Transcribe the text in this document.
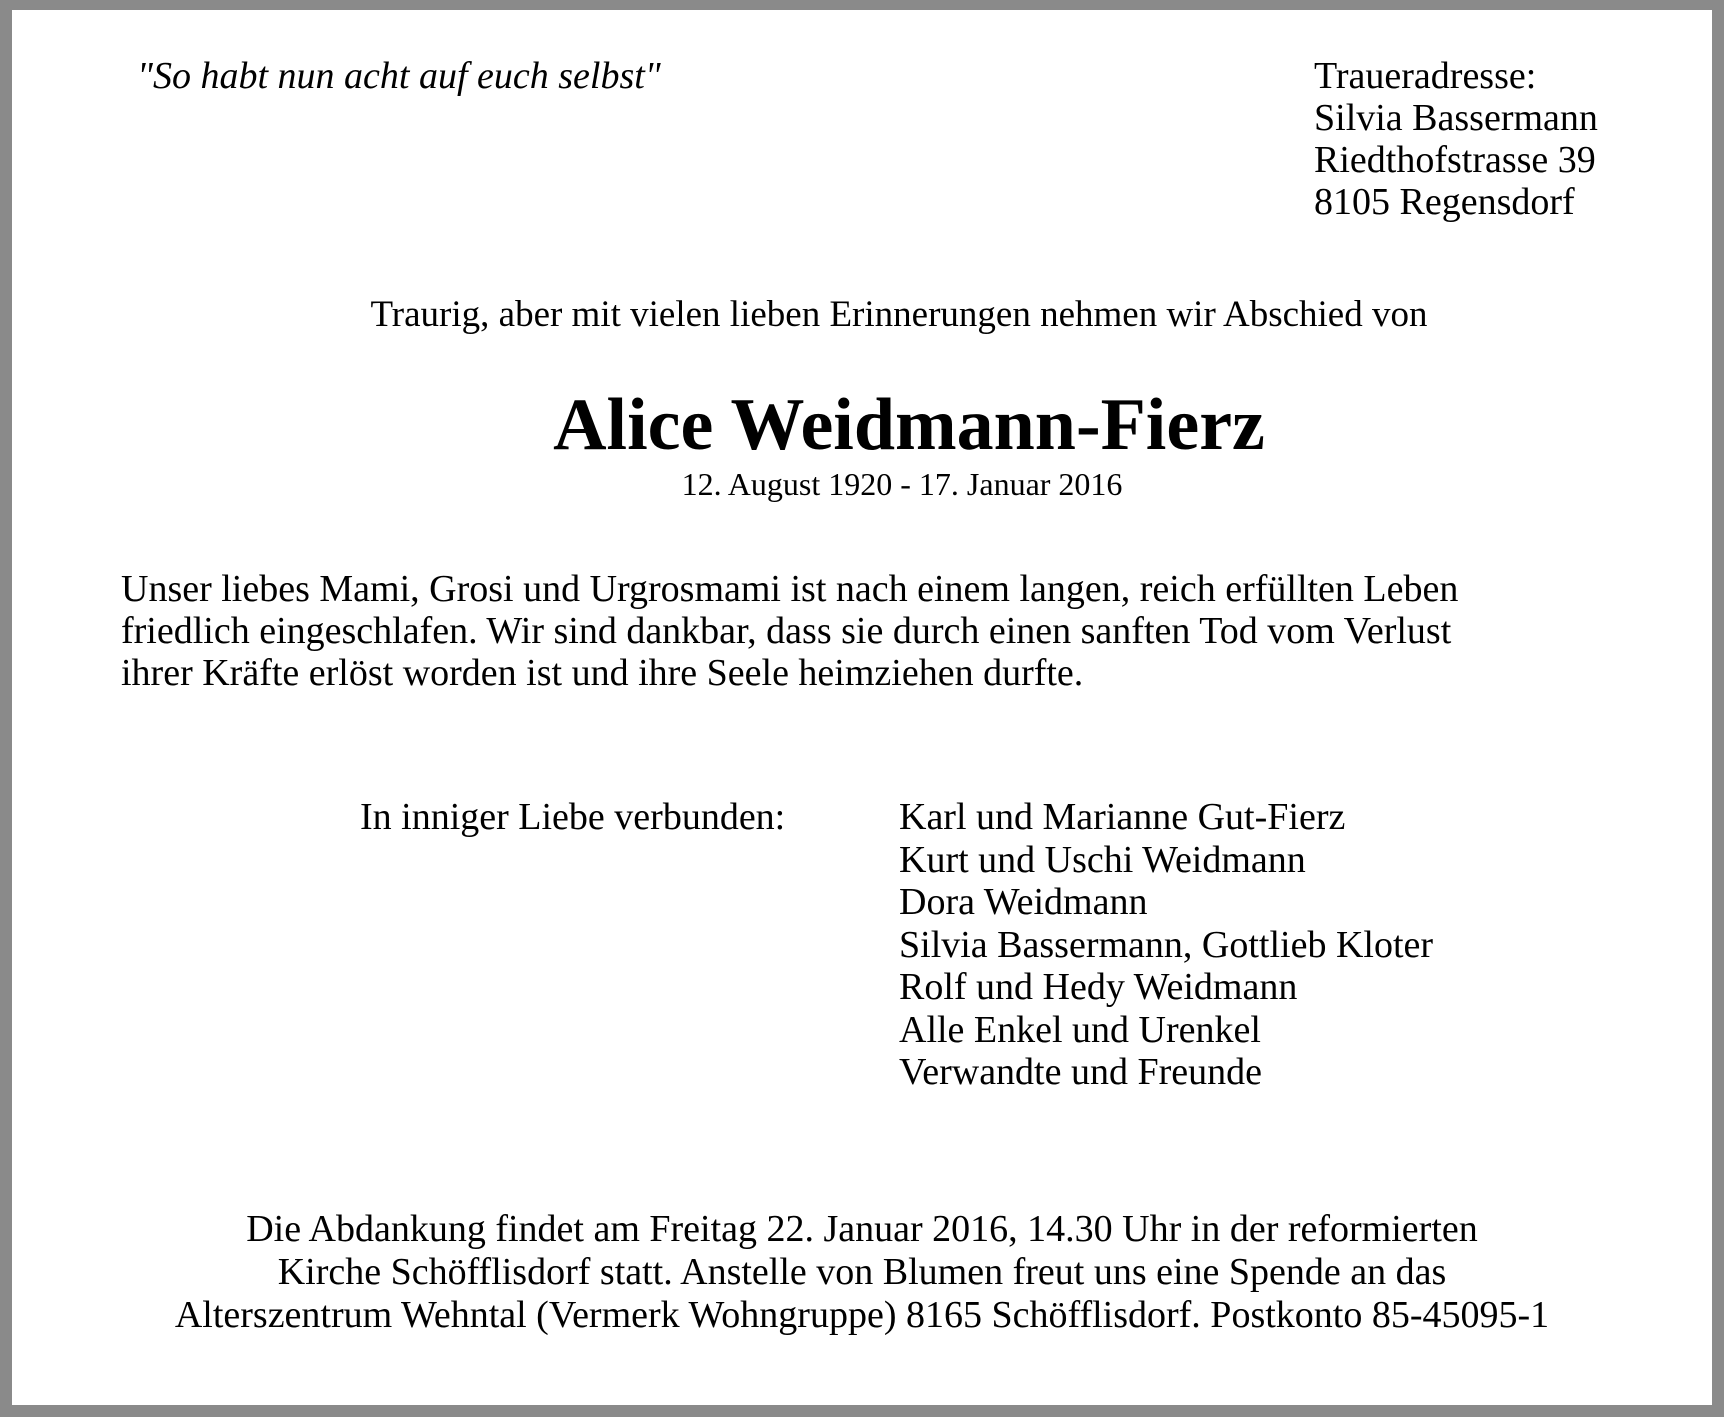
"So habt nun acht auf euch selbst"	Traueradresse:
Silvia Bassermann
Riedthofstrasse 39
8105 Regensdorf
Traurig, aber mit vielen lieben Erinnerungen nehmen wir Abschied von
Alice Weidmann-Fierz
12. August 1920 - 17. Januar 2016
Unser liebes Mami, Grosi und Urgrosmami ist nach einem langen, reich erfüllten Leben
friedlich eingeschlafen. Wir sind dankbar, dass sie durch einen sanften Tod vom Verlust
ihrer Kräfte erlöst worden ist und ihre Seele heimziehen durfte.
In inniger Liebe verbunden:	Karl und Marianne Gut-Fierz
Kurt und Uschi Weidmann
Dora Weidmann
Silvia Bassermann, Gottlieb Kloter
Rolf und Hedy Weidmann
Alle Enkel und Urenkel
Verwandte und Freunde
Die Abdankung findet am Freitag 22. Januar 2016, 14.30 Uhr in der reformierten
Kirche Schöfflisdorf statt. Anstelle von Blumen freut uns eine Spende an das
Alterszentrum Wehntal (Vermerk Wohngruppe) 8165 Schöfflisdorf. Postkonto 85-45095-1
